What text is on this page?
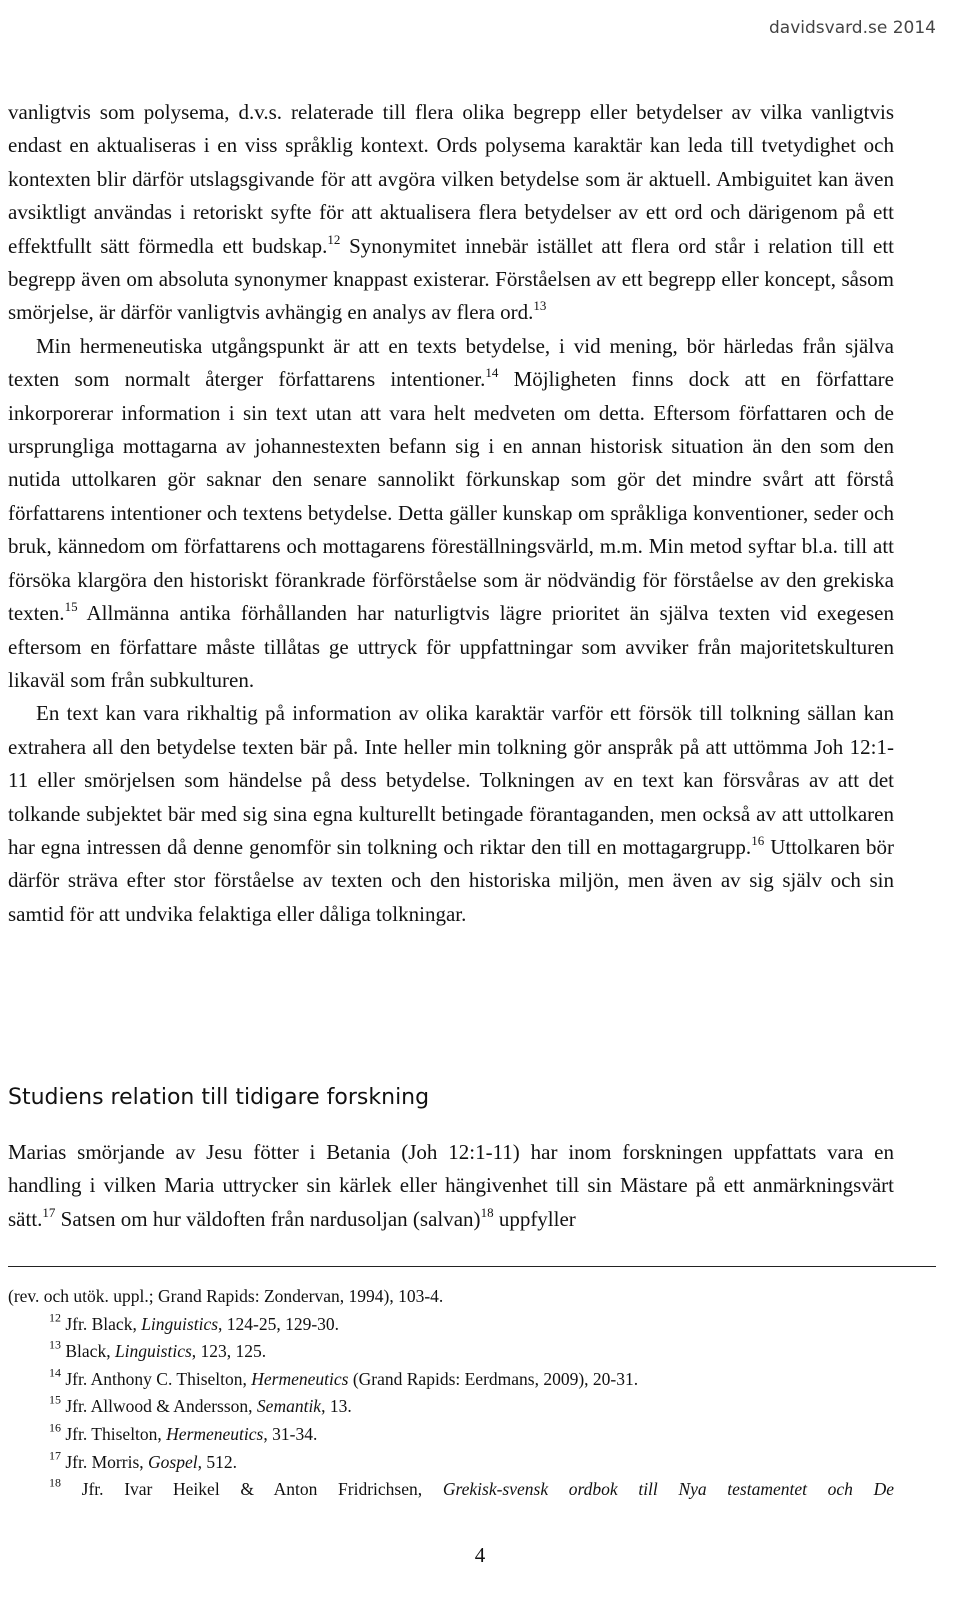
davidsvard.se 2014

vanligtvis som polysema, d.v.s. relaterade till flera olika begrepp eller betydelser av vilka vanligtvis endast en aktualiseras i en viss språklig kontext. Ords polysema karaktär kan leda till tvetydighet och kontexten blir därför utslagsgivande för att avgöra vilken betydelse som är aktuell. Ambiguitet kan även avsiktligt användas i retoriskt syfte för att aktualisera flera betydelser av ett ord och därigenom på ett effektfullt sätt förmedla ett budskap.$^{12}$ Synonymitet innebär istället att flera ord står i relation till ett begrepp även om absoluta synonymer knappast existerar. Förståelsen av ett begrepp eller koncept, såsom smörjelse, är därför vanligtvis avhängig en analys av flera ord.$^{13}$

Min hermeneutiska utgångspunkt är att en texts betydelse, i vid mening, bör härledas från själva texten som normalt återger författarens intentioner.$^{14}$ Möjligheten finns dock att en författare inkorporerar information i sin text utan att vara helt medveten om detta. Eftersom författaren och de ursprungliga mottagarna av johannestexten befann sig i en annan historisk situation än den som den nutida uttolkaren gör saknar den senare sannolikt förkunskap som gör det mindre svårt att förstå författarens intentioner och textens betydelse. Detta gäller kunskap om språkliga konventioner, seder och bruk, kännedom om författarens och mottagarens föreställningsvärld, m.m. Min metod syftar bl.a. till att försöka klargöra den historiskt förankrade förförståelse som är nödvändig för förståelse av den grekiska texten.$^{15}$ Allmänna antika förhållanden har naturligtvis lägre prioritet än själva texten vid exegesen eftersom en författare måste tillåtas ge uttryck för uppfattningar som avviker från majoritetskulturen likaväl som från subkulturen.

En text kan vara rikhaltig på information av olika karaktär varför ett försök till tolkning sällan kan extrahera all den betydelse texten bär på. Inte heller min tolkning gör anspråk på att uttömma Joh 12:1-11 eller smörjelsen som händelse på dess betydelse. Tolkningen av en text kan försvåras av att det tolkande subjektet bär med sig sina egna kulturellt betingade förantaganden, men också av att uttolkaren har egna intressen då denne genomför sin tolkning och riktar den till en mottagargrupp.$^{16}$ Uttolkaren bör därför sträva efter stor förståelse av texten och den historiska miljön, men även av sig själv och sin samtid för att undvika felaktiga eller dåliga tolkningar.

Studiens relation till tidigare forskning

Marias smörjande av Jesu fötter i Betania (Joh 12:1-11) har inom forskningen uppfattats vara en handling i vilken Maria uttrycker sin kärlek eller hängivenhet till sin Mästare på ett anmärkningsvärt sätt.$^{17}$ Satsen om hur väldoften från nardusoljan (salvan)$^{18}$ uppfyller

(rev. och utök. uppl.; Grand Rapids: Zondervan, 1994), 103-4.

$^{12}$ Jfr. Black, Linguistics, 124-25, 129-30.

$^{13}$ Black, Linguistics, 123, 125.

$^{14}$ Jfr. Anthony C. Thiselton, Hermeneutics (Grand Rapids: Eerdmans, 2009), 20-31.

$^{15}$ Jfr. Allwood & Andersson, Semantik, 13.

$^{16}$ Jfr. Thiselton, Hermeneutics, 31-34.

$^{17}$ Jfr. Morris, Gospel, 512.

$^{18}$ Jfr. Ivar Heikel & Anton Fridrichsen, Grekisk-svensk ordbok till Nya testamentet och De

4
